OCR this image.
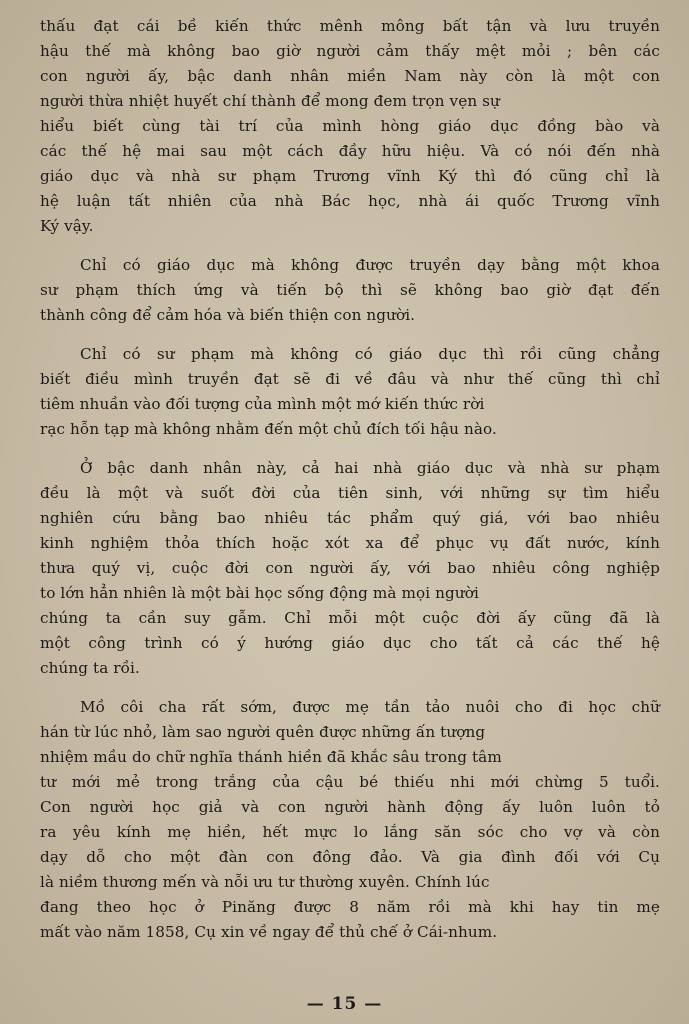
thấu đạt cái bề kiến thức mênh mông bất tận và lưu truyền
hậu thế mà không bao giờ người cảm thấy mệt mỏi ; bên các
con người ấy, bậc danh nhân miền Nam này còn là một con
người thừa nhiệt huyết chí thành để mong đem trọn vẹn sự
hiểu biết cùng tài trí của mình hòng giáo dục đồng bào và
các thế hệ mai sau một cách đầy hữu hiệu. Và có nói đến nhà
giáo dục và nhà sư phạm Trương vĩnh Ký thì đó cũng chỉ là
hệ luận tất nhiên của nhà Bác học, nhà ái quốc Trương vĩnh
Ký vậy.
Chỉ có giáo dục mà không được truyền dạy bằng một khoa
sư phạm thích ứng và tiến bộ thì sẽ không bao giờ đạt đến
thành công để cảm hóa và biến thiện con người.
Chỉ có sư phạm mà không có giáo dục thì rồi cũng chẳng
biết điều mình truyền đạt sẽ đi về đâu và như thế cũng thì chỉ
tiêm nhuần vào đối tượng của mình một mớ kiến thức rời
rạc hỗn tạp mà không nhằm đến một chủ đích tối hậu nào.
Ở bậc danh nhân này, cả hai nhà giáo dục và nhà sư phạm
đều là một và suốt đời của tiên sinh, với những sự tìm hiểu
nghiên cứu bằng bao nhiêu tác phẩm quý giá, với bao nhiêu
kinh nghiệm thỏa thích hoặc xót xa để phục vụ đất nước, kính
thưa quý vị, cuộc đời con người ấy, với bao nhiêu công nghiệp
to lớn hẳn nhiên là một bài học sống động mà mọi người
chúng ta cần suy gẫm. Chỉ mỗi một cuộc đời ấy cũng đã là
một công trình có ý hướng giáo dục cho tất cả các thế hệ
chúng ta rồi.
Mồ côi cha rất sớm, được mẹ tần tảo nuôi cho đi học chữ
hán từ lúc nhỏ, làm sao người quên được những ấn tượng
nhiệm mầu do chữ nghĩa thánh hiền đã khắc sâu trong tâm
tư mới mẻ trong trắng của cậu bé thiếu nhi mới chừng 5 tuổi.
Con người học giả và con người hành động ấy luôn luôn tỏ
ra yêu kính mẹ hiền, hết mực lo lắng săn sóc cho vợ và còn
dạy dỗ cho một đàn con đông đảo. Và gia đình đối với Cụ
là niềm thương mến và nỗi ưu tư thường xuyên. Chính lúc
đang theo học ở Pinăng được 8 năm rồi mà khi hay tin mẹ
mất vào năm 1858, Cụ xin về ngay để thủ chế ở Cái-nhum.
— 15 —
